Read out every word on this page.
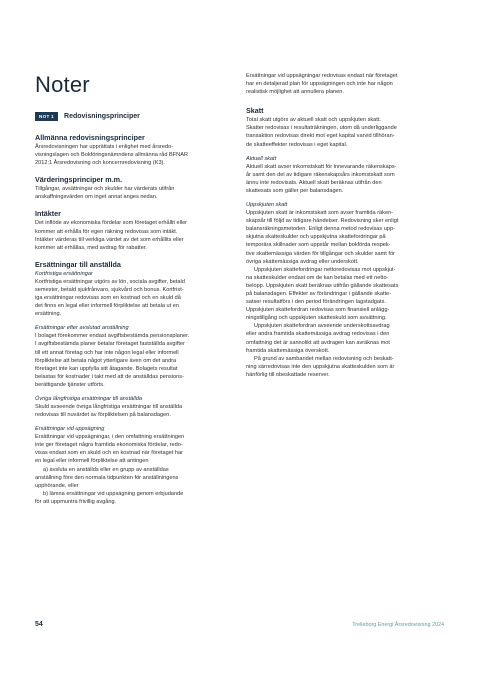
Noter
NOT 1	Redovisningsprinciper
Allmänna redovisningsprinciper

Årsredovisningen har upprättats i enlighet med årsredo-
visningslagen och Bokföringsnämndens allmänna råd BFNAR
2012:1 Årsredovisning och koncernredovisning (K3).

Värderingsprinciper m.m.

Tillgångar, avsättningar och skulder har värderats utifrån
anskaffningsvärden om inget annat anges nedan.

Intäkter

Det inflöde av ekonomiska fördelar som företaget erhållit eller
kommer att erhålla för egen räkning redovisas som intäkt.
Intäkter värderas till verkliga värdet av det som erhållits eller
kommer att erhållas, med avdrag för rabatter.

Ersättningar till anställda
Kortfristiga ersättningar

Kortfristiga ersättningar utgörs av lön, sociala avgifter, betald
semester, betald sjukfrånvaro, sjukvård och bonus. Kortfrist-
iga ersättningar redovisas som en kostnad och en skuld då
det finns en legal eller informell förpliktelse att betala ut en
ersättning.

Ersättningar efter avslutad anställning

I bolaget förekommer endast avgiftsbestämda pensionsplaner.
I avgiftsbestämda planer betalar företaget fastställda avgifter
till ett annat företag och har inte någon legal eller informell
förpliktelse att betala något ytterligare även om det andra
företaget inte kan uppfylla sitt åtagande. Bolagets resultat
belastas för kostnader i takt med att de anställdas pensions-
berättigande tjänster utförts.

Övriga långfristiga ersättningar till anställda

Skuld avseende övriga långfristiga ersättningar till anställda
redovisas till nuvärdet av förpliktelsen på balansdagen.

Ersättningar vid uppsägning

Ersättningar vid uppsägningar, i den omfattning ersättningen
inte ger företaget några framtida ekonomiska fördelar, redo-
visas endast som en skuld och en kostnad när företaget har
en legal eller informell förpliktelse att antingen

a) avsluta en anställds eller en grupp av anställdas
anställning före den normala tidpunkten för anställningens
upphörande, eller

b) lämna ersättningar vid uppsägning genom erbjudande
för att uppmuntra frivillig avgång.

Ersättningar vid uppsägningar redovisas endast när företaget
har en detaljerad plan för uppsägningen och inte har någon
realistisk möjlighet att annullera planen.

Skatt

Total skatt utgörs av aktuell skatt och uppskjuten skatt.
Skatter redovisas i resultaträkningen, utom då underliggande
transaktion redovisas direkt mot eget kapital varvid tillhöran-
de skatteeffekter redovisas i eget kapital.

Aktuell skatt

Aktuell skatt avser inkomstskatt för innevarande räkenskaps-
år samt den del av tidigare räkenskapsårs inkomstskatt som
ännu inte redovisats. Aktuell skatt beräknas utifrån den
skattesats som gäller per balansdagen.

Uppskjuten skatt

Uppskjuten skatt är inkomstskatt som avser framtida räken-
skapsår till följd av tidigare händelser. Redovisning sker enligt
balansräkningsmetoden. Enligt denna metod redovisas upp-
skjutna skatteskulder och uppskjutna skattefordringar på
temporära skillnader som uppstår mellan bokförda respek-
tive skattemässiga värden för tillgångar och skulder samt för
övriga skattemässiga avdrag eller underskott.

Uppskjuten skattefordringar nettoredovisas mot uppskjut-
na skatteskulder endast om de kan betalas med ett netto-
belopp. Uppskjuten skatt beräknas utifrån gällande skattesats
på balansdagen. Effekter av förändringar i gällande skatte-
satser resultatförs i den period förändringen lagstadgats.
Uppskjuten skattefordran redovisas som finansiell anlägg-
ningstillgång och uppskjuten skatteskuld som avsättning.

Uppskjuten skattefordran avseende underskottsavdrag
eller andra framtida skattemässiga avdrag redovisas i den
omfattning det är sannolikt att avdragen kan avräknas mot
framtida skattemässiga överskott.

På grund av sambandet mellan redovisning och beskatt-
ning särredovisas inte den uppskjutna skatteskulden som är
hänförlig till obeskattade reserver.

54	Trelleborg Energi Årsredovisning 2024
